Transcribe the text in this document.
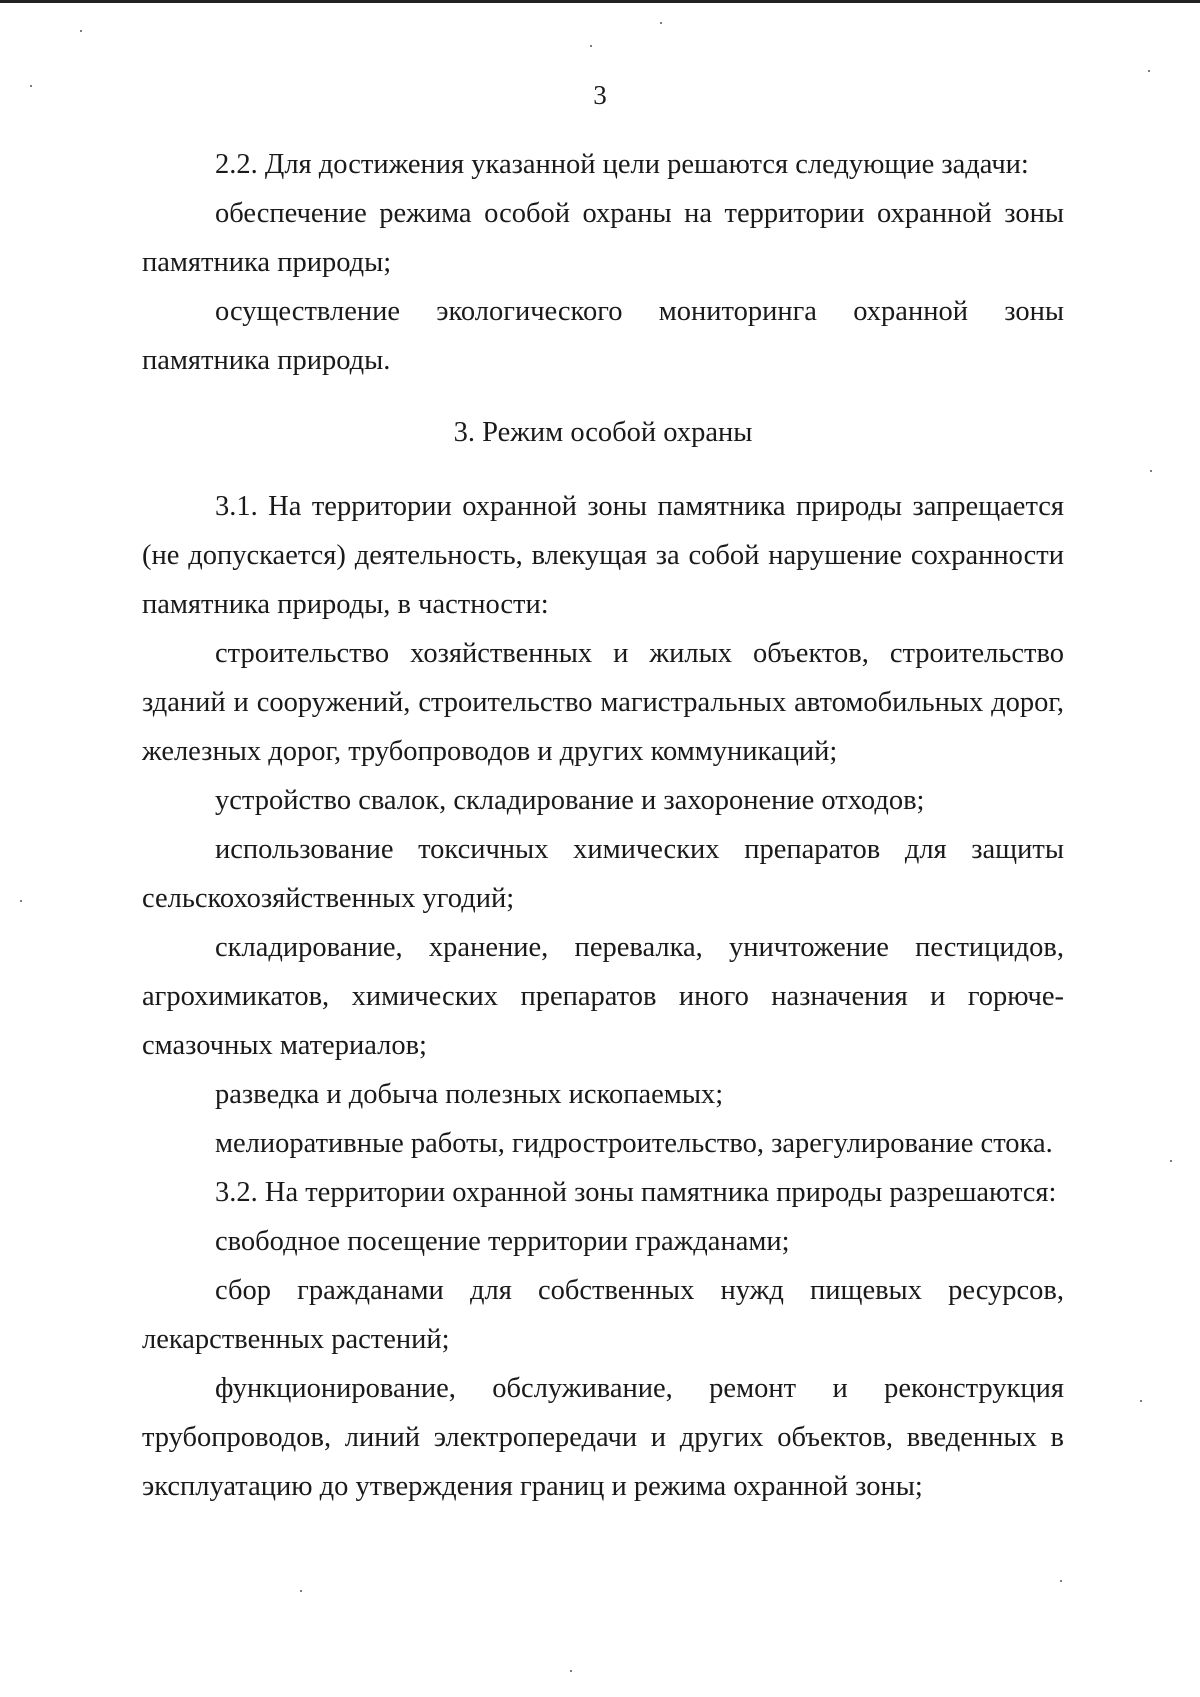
3

2.2. Для достижения указанной цели решаются следующие задачи:

обеспечение режима особой охраны на территории охранной зоны памятника природы;

осуществление экологического мониторинга охранной зоны памятника природы.

3. Режим особой охраны

3.1. На территории охранной зоны памятника природы запрещается (не допускается) деятельность, влекущая за собой нарушение сохранности памятника природы, в частности:

строительство хозяйственных и жилых объектов, строительство зданий и сооружений, строительство магистральных автомобильных дорог, железных дорог, трубопроводов и других коммуникаций;

устройство свалок, складирование и захоронение отходов;

использование токсичных химических препаратов для защиты сельскохозяйственных угодий;

складирование, хранение, перевалка, уничтожение пестицидов, агрохимикатов, химических препаратов иного назначения и горюче-смазочных материалов;

разведка и добыча полезных ископаемых;

мелиоративные работы, гидростроительство, зарегулирование стока.

3.2. На территории охранной зоны памятника природы разрешаются:

свободное посещение территории гражданами;

сбор гражданами для собственных нужд пищевых ресурсов, лекарственных растений;

функционирование, обслуживание, ремонт и реконструкция трубопроводов, линий электропередачи и других объектов, введенных в эксплуатацию до утверждения границ и режима охранной зоны;
